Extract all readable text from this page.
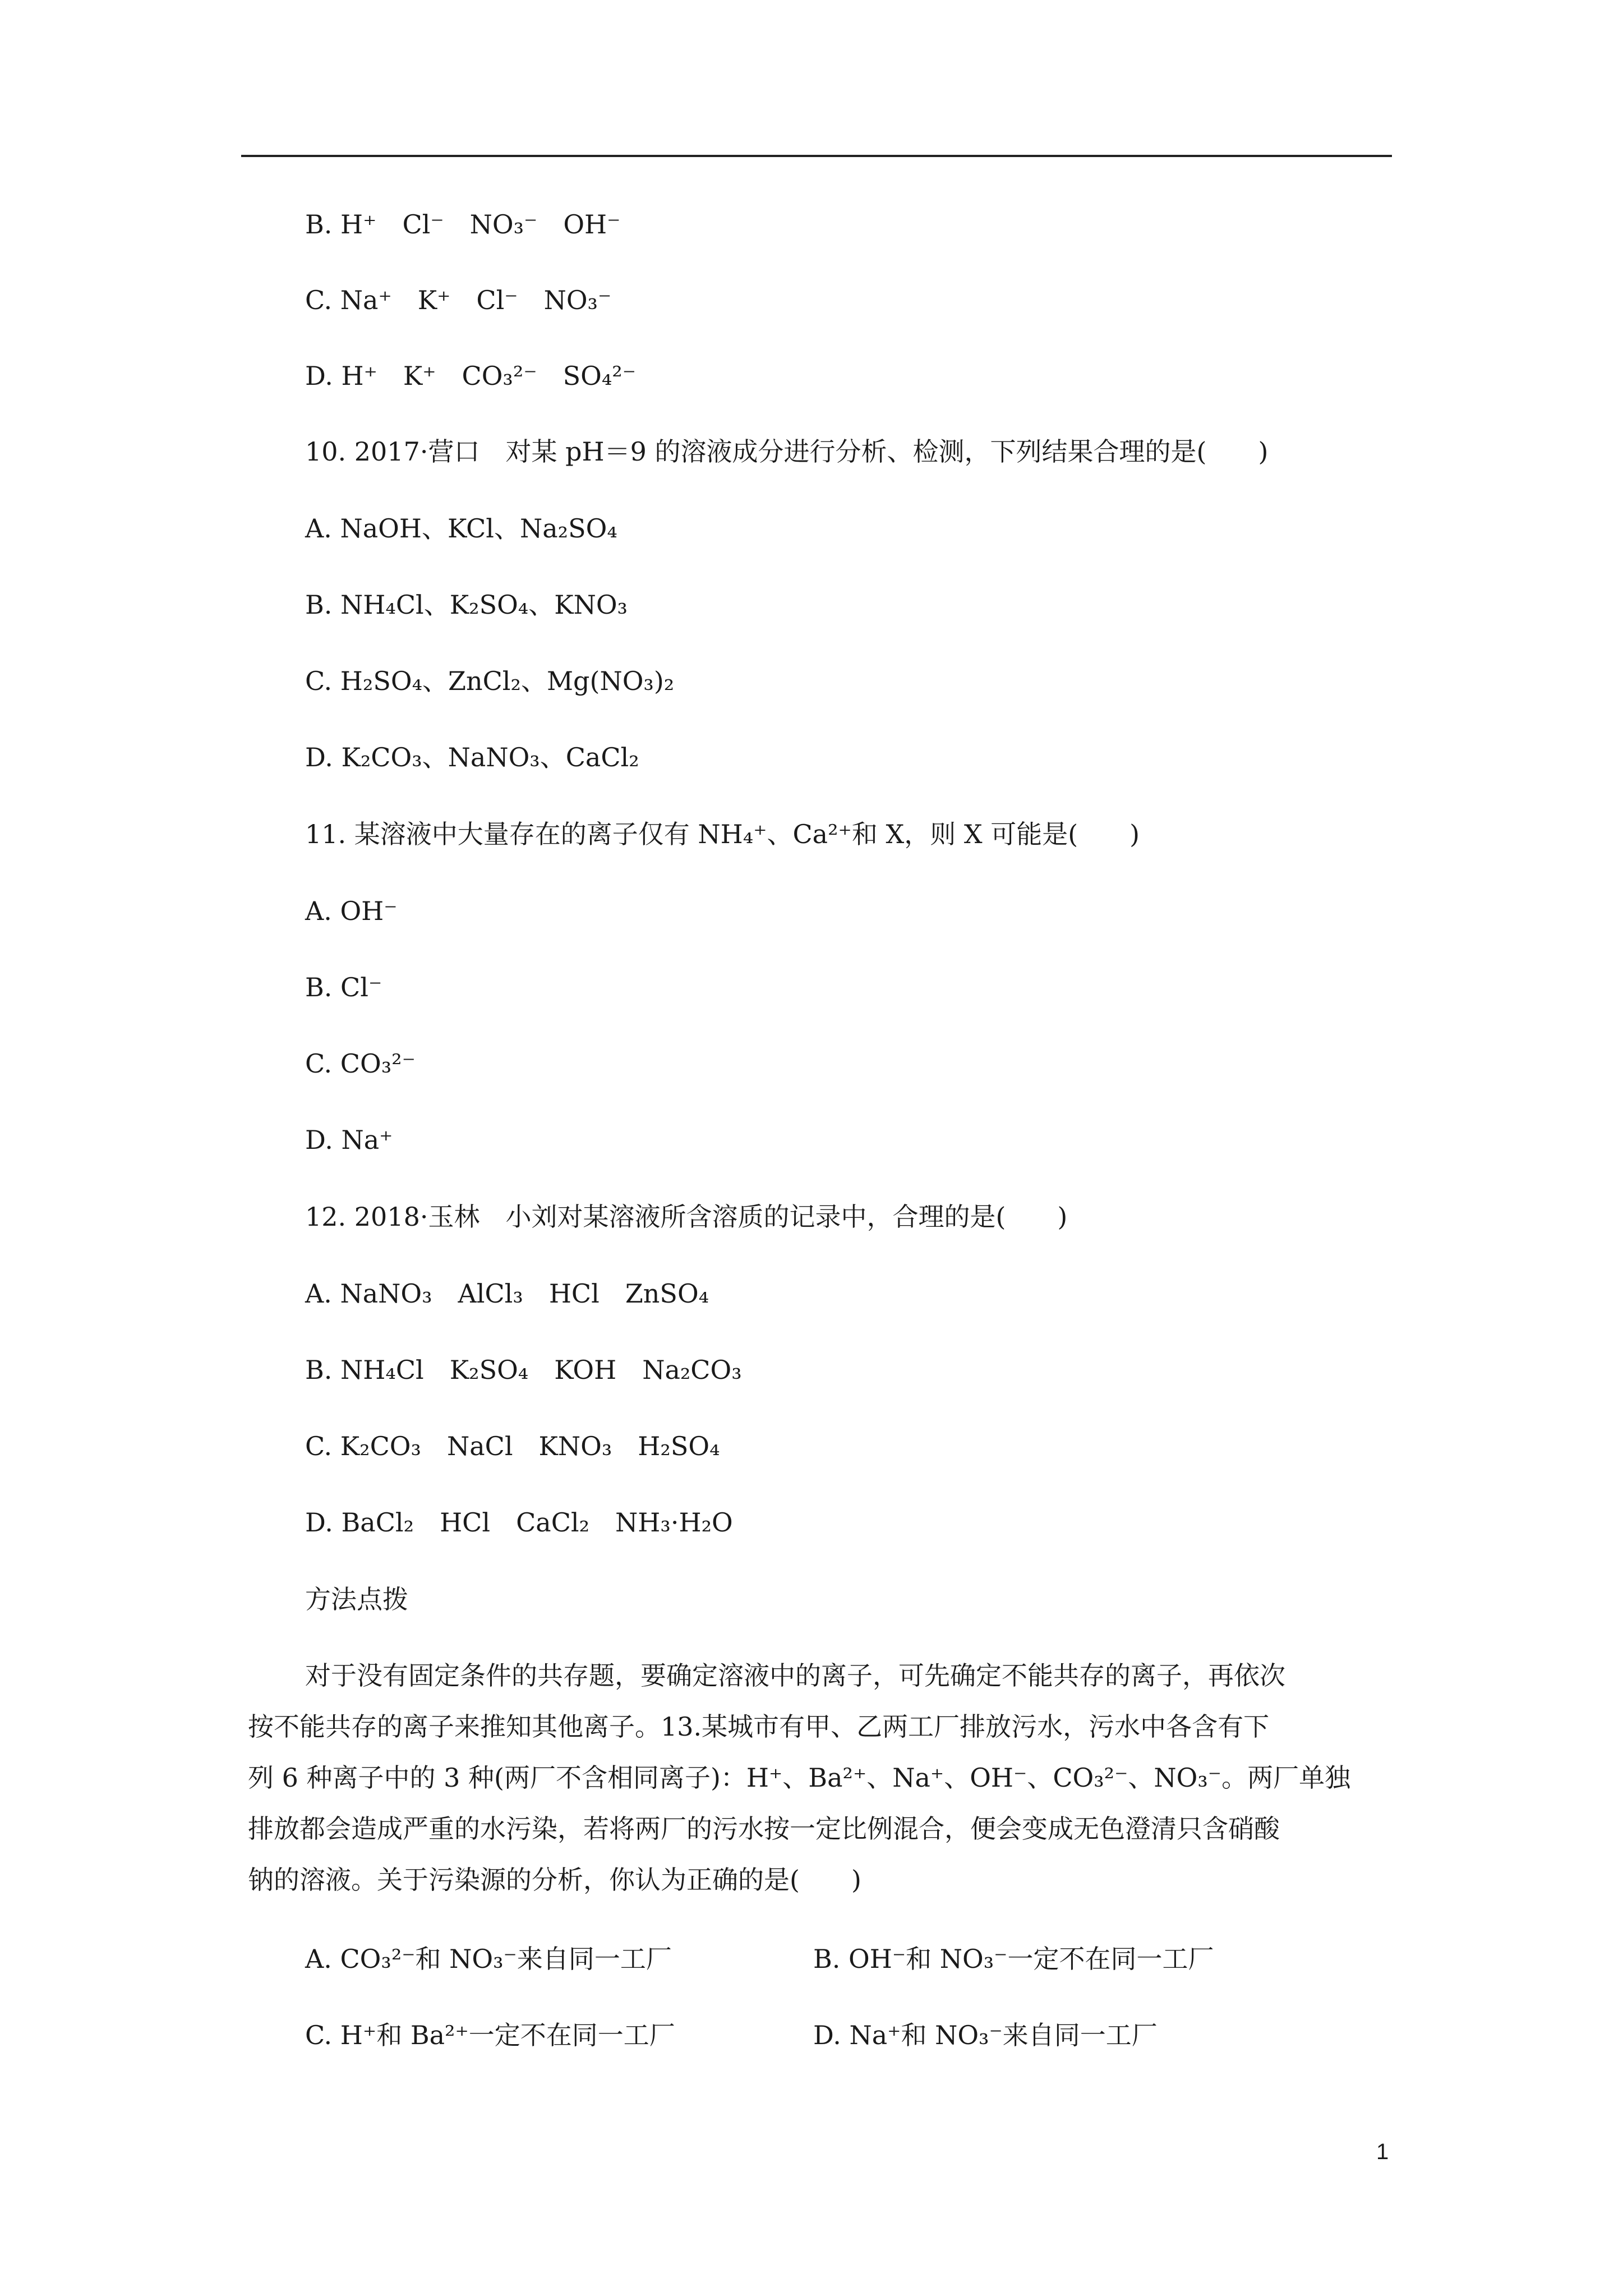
B. H⁺　Cl⁻　NO₃⁻　OH⁻
C. Na⁺　K⁺　Cl⁻　NO₃⁻
D. H⁺　K⁺　CO₃²⁻　SO₄²⁻
10. 2017·营口　对某 pH＝9 的溶液成分进行分析、检测，下列结果合理的是(　　)
A. NaOH、KCl、Na₂SO₄
B. NH₄Cl、K₂SO₄、KNO₃
C. H₂SO₄、ZnCl₂、Mg(NO₃)₂
D. K₂CO₃、NaNO₃、CaCl₂
11. 某溶液中大量存在的离子仅有 NH₄⁺、Ca²⁺和 X，则 X 可能是(　　)
A. OH⁻
B. Cl⁻
C. CO₃²⁻
D. Na⁺
12. 2018·玉林　小刘对某溶液所含溶质的记录中，合理的是(　　)
A. NaNO₃　AlCl₃　HCl　ZnSO₄
B. NH₄Cl　K₂SO₄　KOH　Na₂CO₃
C. K₂CO₃　NaCl　KNO₃　H₂SO₄
D. BaCl₂　HCl　CaCl₂　NH₃·H₂O
方法点拨
对于没有固定条件的共存题，要确定溶液中的离子，可先确定不能共存的离子，再依次
按不能共存的离子来推知其他离子。13.某城市有甲、乙两工厂排放污水，污水中各含有下
列 6 种离子中的 3 种(两厂不含相同离子)：H⁺、Ba²⁺、Na⁺、OH⁻、CO₃²⁻、NO₃⁻。两厂单独
排放都会造成严重的水污染，若将两厂的污水按一定比例混合，便会变成无色澄清只含硝酸
钠的溶液。关于污染源的分析，你认为正确的是(　　)
A. CO₃²⁻和 NO₃⁻来自同一工厂	B. OH⁻和 NO₃⁻一定不在同一工厂
C. H⁺和 Ba²⁺一定不在同一工厂	D. Na⁺和 NO₃⁻来自同一工厂
1
